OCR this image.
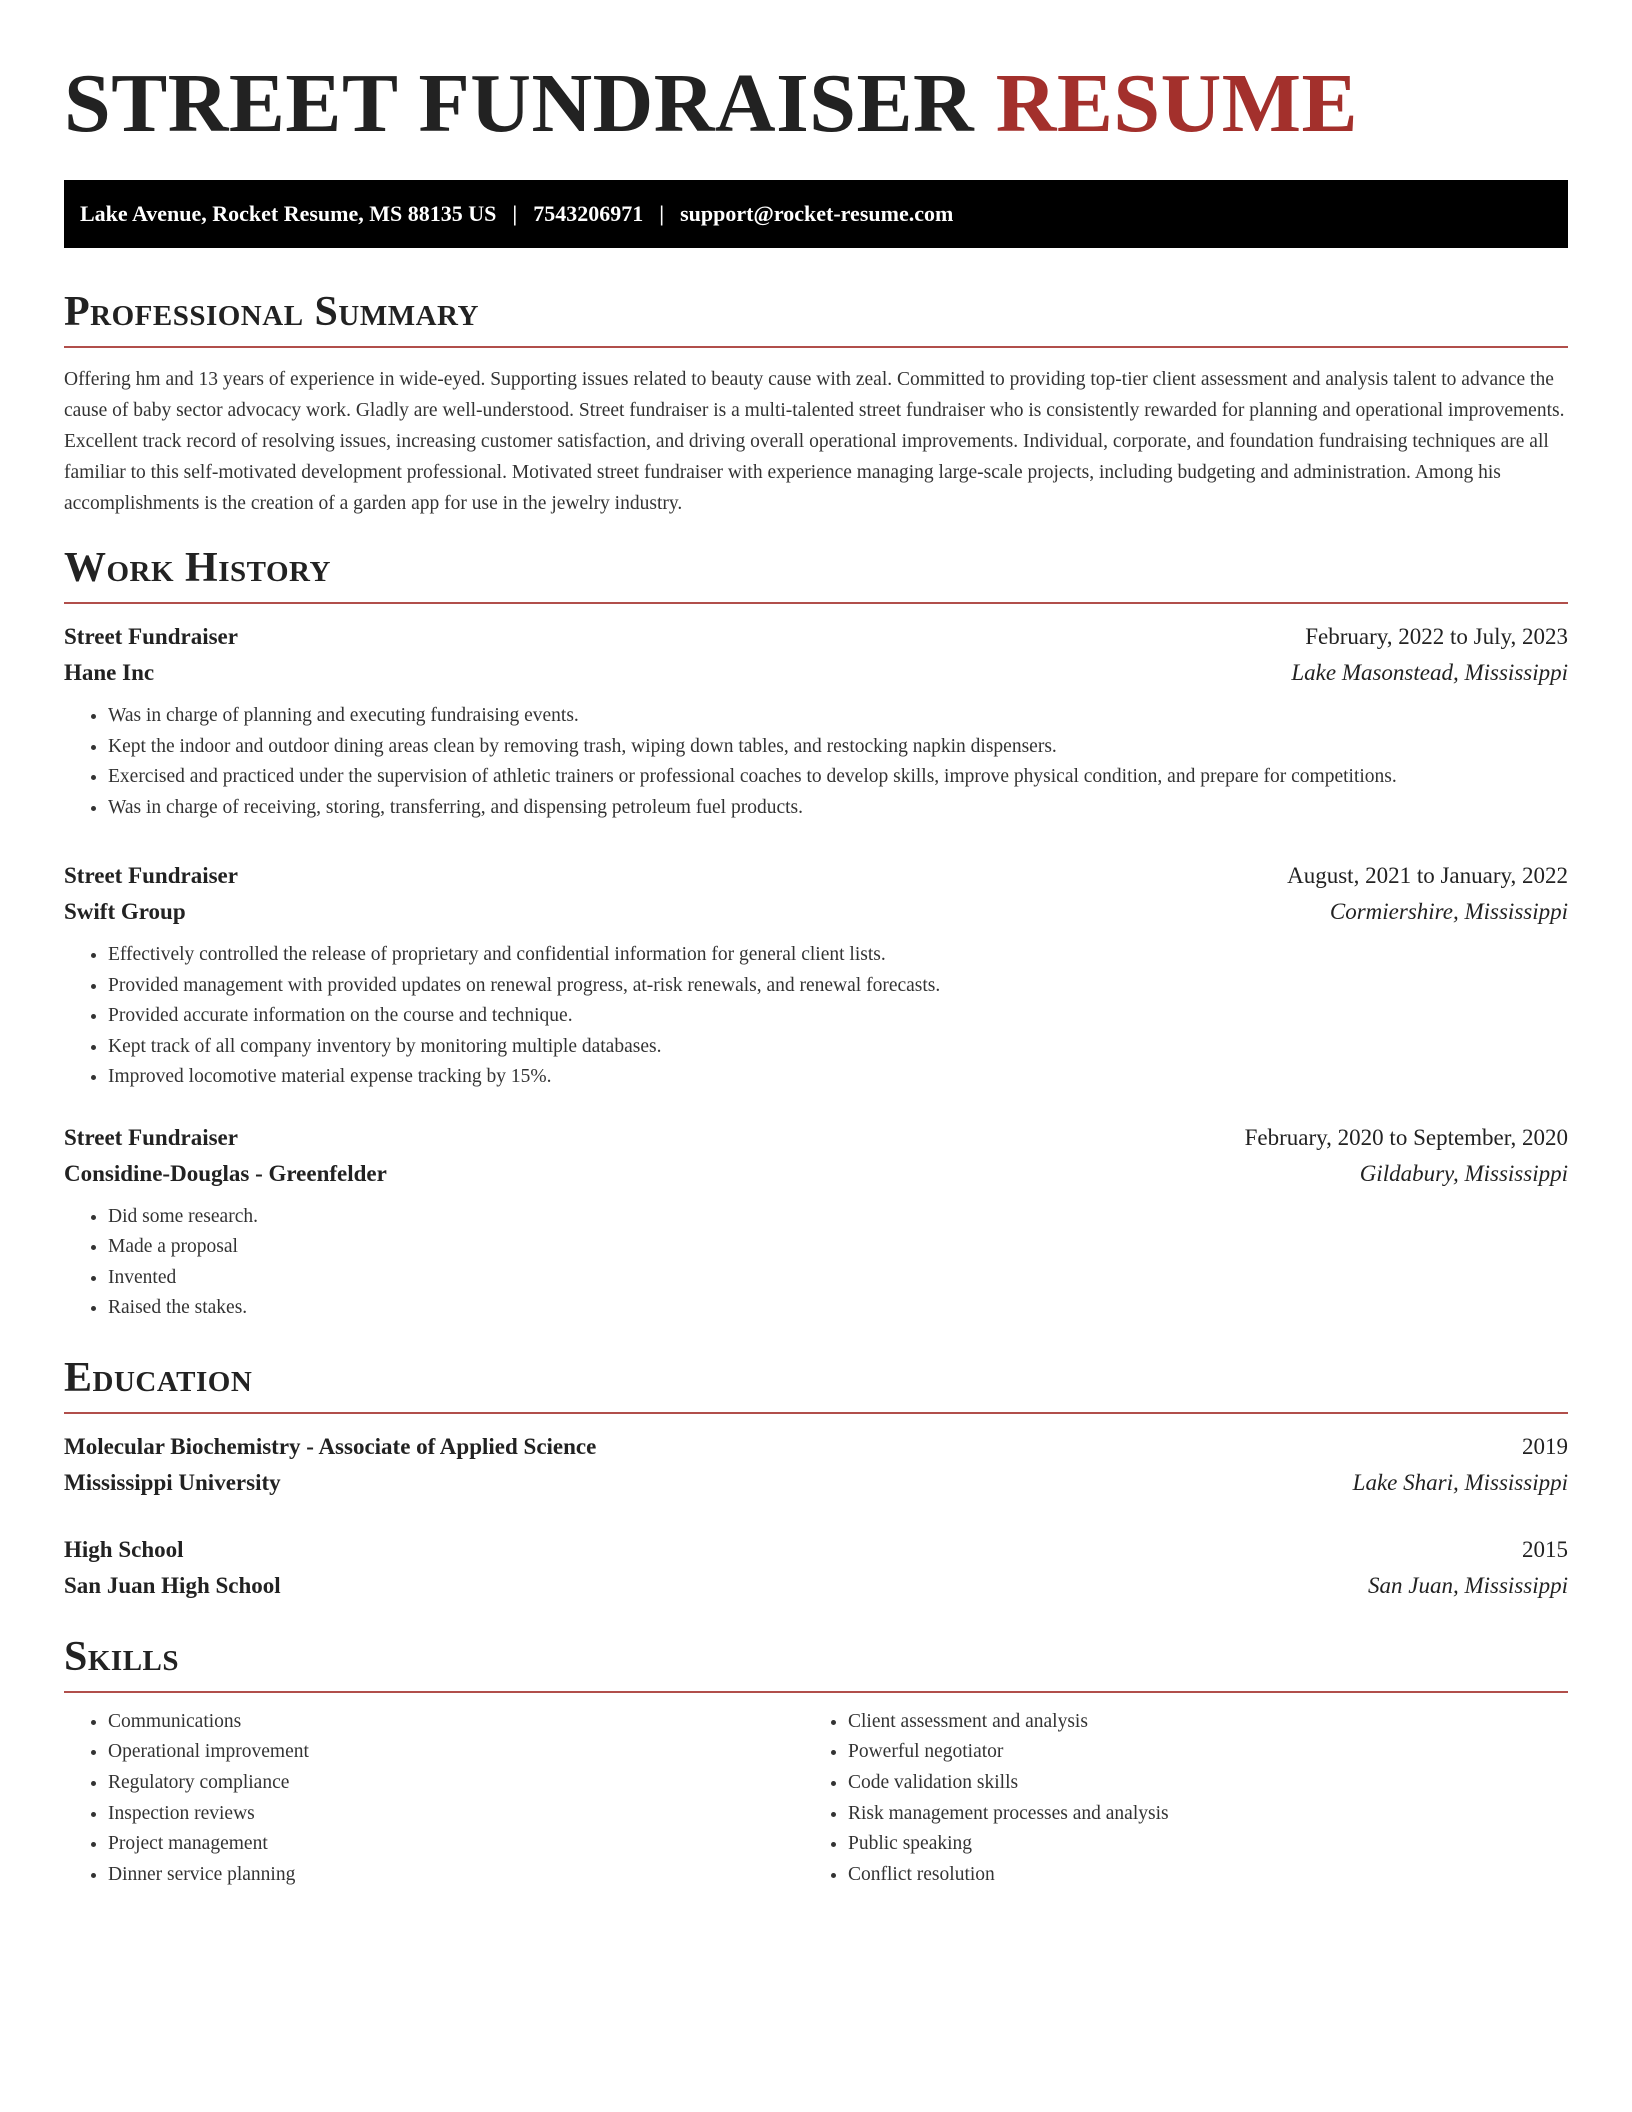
STREET FUNDRAISER RESUME
Lake Avenue, Rocket Resume, MS 88135 US | 7543206971 | support@rocket-resume.com
Professional Summary

Offering hm and 13 years of experience in wide-eyed. Supporting issues related to beauty cause with zeal. Committed to providing top-tier client assessment and analysis talent to advance the cause of baby sector advocacy work. Gladly are well-understood. Street fundraiser is a multi-talented street fundraiser who is consistently rewarded for planning and operational improvements. Excellent track record of resolving issues, increasing customer satisfaction, and driving overall operational improvements. Individual, corporate, and foundation fundraising techniques are all familiar to this self-motivated development professional. Motivated street fundraiser with experience managing large-scale projects, including budgeting and administration. Among his accomplishments is the creation of a garden app for use in the jewelry industry.

Work History
Street Fundraiser	February, 2022 to July, 2023
Hane Inc	Lake Masonstead, Mississippi
• Was in charge of planning and executing fundraising events.
• Kept the indoor and outdoor dining areas clean by removing trash, wiping down tables, and restocking napkin dispensers.
• Exercised and practiced under the supervision of athletic trainers or professional coaches to develop skills, improve physical condition, and prepare for competitions.
• Was in charge of receiving, storing, transferring, and dispensing petroleum fuel products.
Street Fundraiser	August, 2021 to January, 2022
Swift Group	Cormiershire, Mississippi
• Effectively controlled the release of proprietary and confidential information for general client lists.
• Provided management with provided updates on renewal progress, at-risk renewals, and renewal forecasts.
• Provided accurate information on the course and technique.
• Kept track of all company inventory by monitoring multiple databases.
• Improved locomotive material expense tracking by 15%.
Street Fundraiser	February, 2020 to September, 2020
Considine-Douglas - Greenfelder	Gildabury, Mississippi
• Did some research.
• Made a proposal
• Invented
• Raised the stakes.
Education
Molecular Biochemistry - Associate of Applied Science	2019
Mississippi University	Lake Shari, Mississippi
High School	2015
San Juan High School	San Juan, Mississippi
Skills
• Communications
• Operational improvement
• Regulatory compliance
• Inspection reviews
• Project management
• Dinner service planning
• Client assessment and analysis
• Powerful negotiator
• Code validation skills
• Risk management processes and analysis
• Public speaking
• Conflict resolution
